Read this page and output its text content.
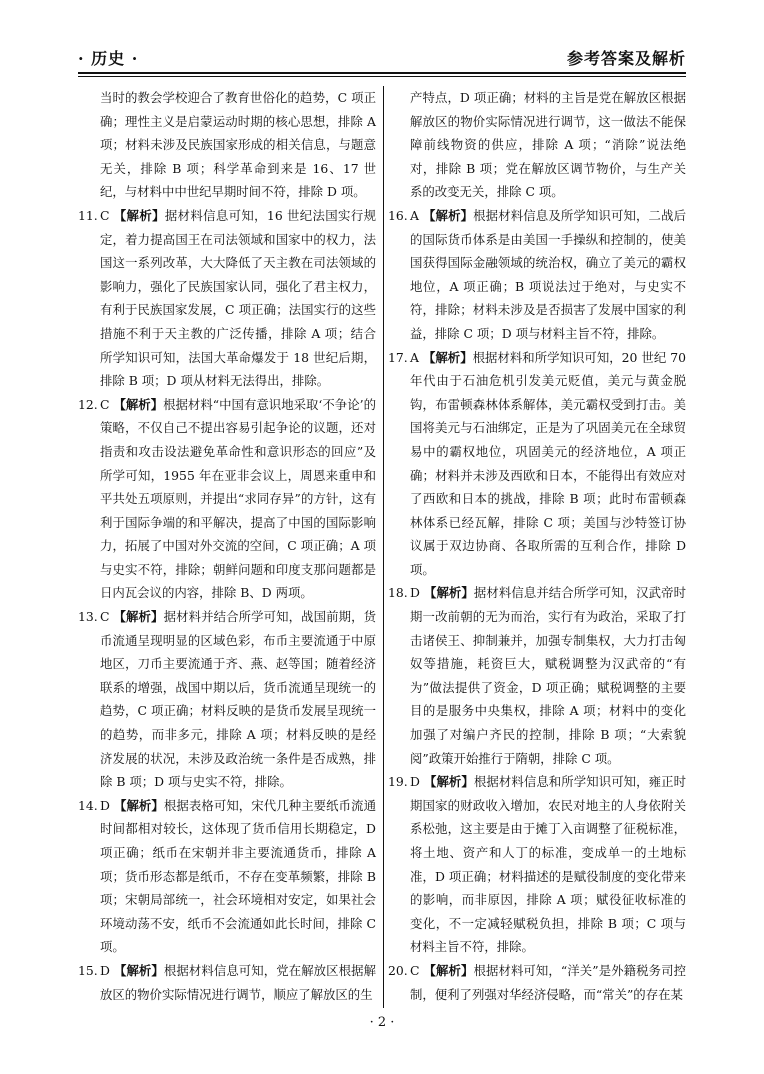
· 历史 ·	参考答案及解析
当时的教会学校迎合了教育世俗化的趋势，C 项正确；理性主义是启蒙运动时期的核心思想，排除 A 项；材料未涉及民族国家形成的相关信息，与题意无关，排除 B 项；科学革命到来是 16、17 世纪，与材料中中世纪早期时间不符，排除 D 项。
11. C 【解析】据材料信息可知，16 世纪法国实行规定，着力提高国王在司法领域和国家中的权力，法国这一系列改革，大大降低了天主教在司法领域的影响力，强化了民族国家认同，强化了君主权力，有利于民族国家发展，C 项正确；法国实行的这些措施不利于天主教的广泛传播，排除 A 项；结合所学知识可知，法国大革命爆发于 18 世纪后期，排除 B 项；D 项从材料无法得出，排除。
12. C 【解析】根据材料“中国有意识地采取‘不争论’的策略，不仅自己不提出容易引起争论的议题，还对指责和攻击设法避免革命性和意识形态的回应”及所学可知，1955 年在亚非会议上，周恩来重申和平共处五项原则，并提出“求同存异”的方针，这有利于国际争端的和平解决，提高了中国的国际影响力，拓展了中国对外交流的空间，C 项正确；A 项与史实不符，排除；朝鲜问题和印度支那问题都是日内瓦会议的内容，排除 B、D 两项。
13. C 【解析】据材料并结合所学可知，战国前期，货币流通呈现明显的区域色彩，布币主要流通于中原地区，刀币主要流通于齐、燕、赵等国；随着经济联系的增强，战国中期以后，货币流通呈现统一的趋势，C 项正确；材料反映的是货币发展呈现统一的趋势，而非多元，排除 A 项；材料反映的是经济发展的状况，未涉及政治统一条件是否成熟，排除 B 项；D 项与史实不符，排除。
14. D 【解析】根据表格可知，宋代几种主要纸币流通时间都相对较长，这体现了货币信用长期稳定，D 项正确；纸币在宋朝并非主要流通货币，排除 A 项；货币形态都是纸币，不存在变革频繁，排除 B 项；宋朝局部统一，社会环境相对安定，如果社会环境动荡不安，纸币不会流通如此长时间，排除 C 项。
15. D 【解析】根据材料信息可知，党在解放区根据解放区的物价实际情况进行调节，顺应了解放区的生
产特点，D 项正确；材料的主旨是党在解放区根据解放区的物价实际情况进行调节，这一做法不能保障前线物资的供应，排除 A 项；“消除”说法绝对，排除 B 项；党在解放区调节物价，与生产关系的改变无关，排除 C 项。
16. A 【解析】根据材料信息及所学知识可知，二战后的国际货币体系是由美国一手操纵和控制的，使美国获得国际金融领域的统治权，确立了美元的霸权地位，A 项正确；B 项说法过于绝对，与史实不符，排除；材料未涉及是否损害了发展中国家的利益，排除 C 项；D 项与材料主旨不符，排除。
17. A 【解析】根据材料和所学知识可知，20 世纪 70 年代由于石油危机引发美元贬值，美元与黄金脱钩，布雷顿森林体系解体，美元霸权受到打击。美国将美元与石油绑定，正是为了巩固美元在全球贸易中的霸权地位，巩固美元的经济地位，A 项正确；材料并未涉及西欧和日本，不能得出有效应对了西欧和日本的挑战，排除 B 项；此时布雷顿森林体系已经瓦解，排除 C 项；美国与沙特签订协议属于双边协商、各取所需的互利合作，排除 D 项。
18. D 【解析】据材料信息并结合所学可知，汉武帝时期一改前朝的无为而治，实行有为政治，采取了打击诸侯王、抑制兼并，加强专制集权，大力打击匈奴等措施，耗资巨大，赋税调整为汉武帝的“有为”做法提供了资金，D 项正确；赋税调整的主要目的是服务中央集权，排除 A 项；材料中的变化加强了对编户齐民的控制，排除 B 项；“大索貌阅”政策开始推行于隋朝，排除 C 项。
19. D 【解析】根据材料信息和所学知识可知，雍正时期国家的财政收入增加，农民对地主的人身依附关系松弛，这主要是由于摊丁入亩调整了征税标准，将土地、资产和人丁的标准，变成单一的土地标准，D 项正确；材料描述的是赋役制度的变化带来的影响，而非原因，排除 A 项；赋役征收标准的变化，不一定减轻赋税负担，排除 B 项；C 项与材料主旨不符，排除。
20. C 【解析】根据材料可知，“洋关”是外籍税务司控制，便利了列强对华经济侵略，而“常关”的存在某
· 2 ·
